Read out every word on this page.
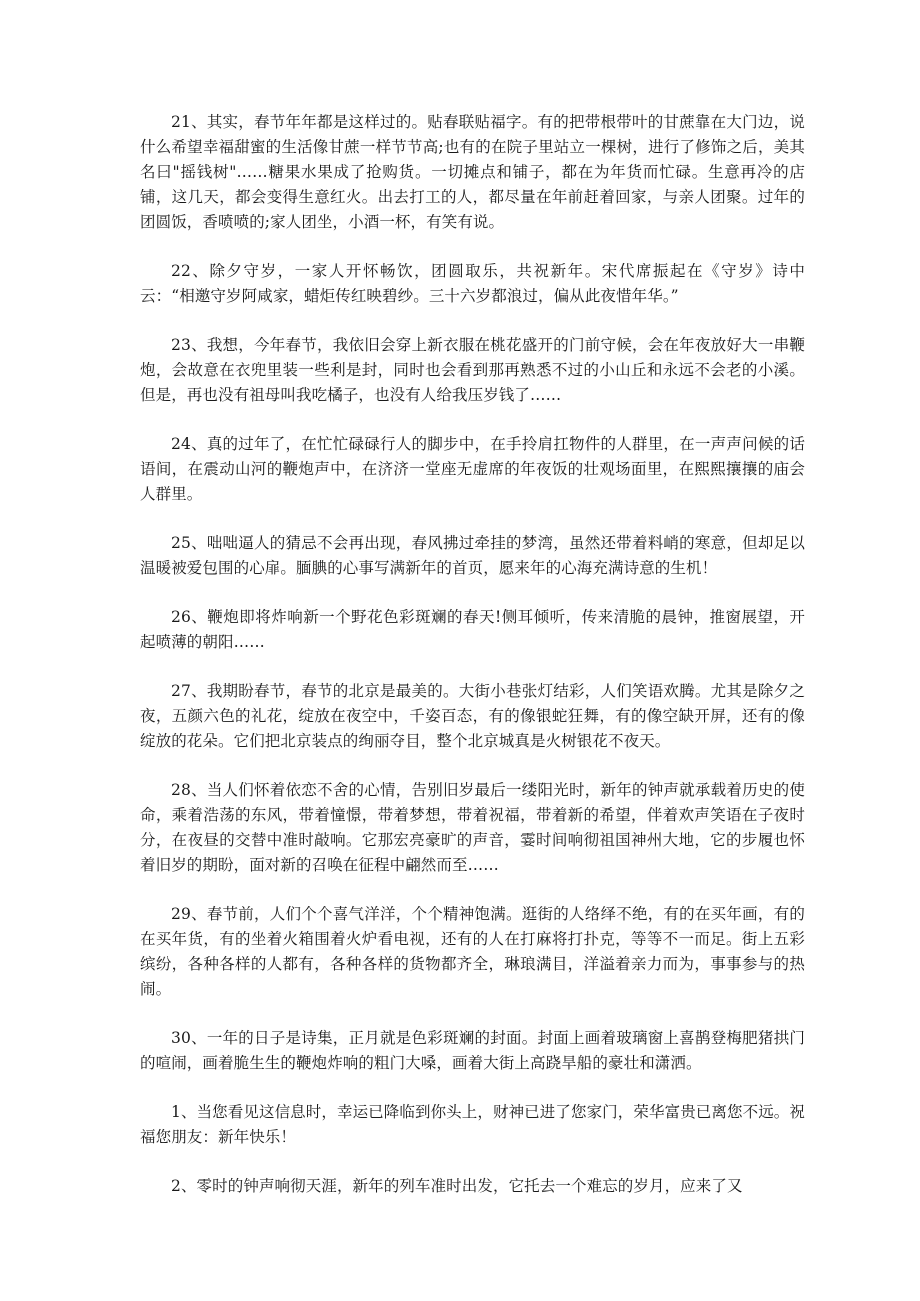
21、其实，春节年年都是这样过的。贴春联贴福字。有的把带根带叶的甘蔗靠在大门边，说什么希望幸福甜蜜的生活像甘蔗一样节节高;也有的在院子里站立一棵树，进行了修饰之后，美其名曰"摇钱树"……糖果水果成了抢购货。一切摊点和铺子，都在为年货而忙碌。生意再冷的店铺，这几天，都会变得生意红火。出去打工的人，都尽量在年前赶着回家，与亲人团聚。过年的团圆饭，香喷喷的;家人团坐，小酒一杯，有笑有说。

22、除夕守岁，一家人开怀畅饮，团圆取乐，共祝新年。宋代席振起在《守岁》诗中云：“相邀守岁阿咸家，蜡炬传红映碧纱。三十六岁都浪过，偏从此夜惜年华。”

23、我想，今年春节，我依旧会穿上新衣服在桃花盛开的门前守候，会在年夜放好大一串鞭炮，会故意在衣兜里装一些利是封，同时也会看到那再熟悉不过的小山丘和永远不会老的小溪。但是，再也没有祖母叫我吃橘子，也没有人给我压岁钱了……

24、真的过年了，在忙忙碌碌行人的脚步中，在手拎肩扛物件的人群里，在一声声问候的话语间，在震动山河的鞭炮声中，在济济一堂座无虚席的年夜饭的壮观场面里，在熙熙攘攘的庙会人群里。

25、咄咄逼人的猜忌不会再出现，春风拂过牵挂的梦湾，虽然还带着料峭的寒意，但却足以温暖被爱包围的心扉。腼腆的心事写满新年的首页，愿来年的心海充满诗意的生机！

26、鞭炮即将炸响新一个野花色彩斑斓的春天!侧耳倾听，传来清脆的晨钟，推窗展望，开起喷薄的朝阳……

27、我期盼春节，春节的北京是最美的。大街小巷张灯结彩，人们笑语欢腾。尤其是除夕之夜，五颜六色的礼花，绽放在夜空中，千姿百态，有的像银蛇狂舞，有的像空缺开屏，还有的像绽放的花朵。它们把北京装点的绚丽夺目，整个北京城真是火树银花不夜天。

28、当人们怀着依恋不舍的心情，告别旧岁最后一缕阳光时，新年的钟声就承载着历史的使命，乘着浩荡的东风，带着憧憬，带着梦想，带着祝福，带着新的希望，伴着欢声笑语在子夜时分，在夜昼的交替中准时敲响。它那宏亮豪旷的声音，霎时间响彻祖国神州大地，它的步履也怀着旧岁的期盼，面对新的召唤在征程中翩然而至……

29、春节前，人们个个喜气洋洋，个个精神饱满。逛街的人络绎不绝，有的在买年画，有的在买年货，有的坐着火箱围着火炉看电视，还有的人在打麻将打扑克，等等不一而足。街上五彩缤纷，各种各样的人都有，各种各样的货物都齐全，琳琅满目，洋溢着亲力而为，事事参与的热闹。

30、一年的日子是诗集，正月就是色彩斑斓的封面。封面上画着玻璃窗上喜鹊登梅肥猪拱门的喧闹，画着脆生生的鞭炮炸响的粗门大嗓，画着大街上高跷旱船的豪壮和潇洒。

1、当您看见这信息时，幸运已降临到你头上，财神已进了您家门，荣华富贵已离您不远。祝福您朋友：新年快乐！

2、零时的钟声响彻天涯，新年的列车准时出发，它托去一个难忘的岁月，应来了又
